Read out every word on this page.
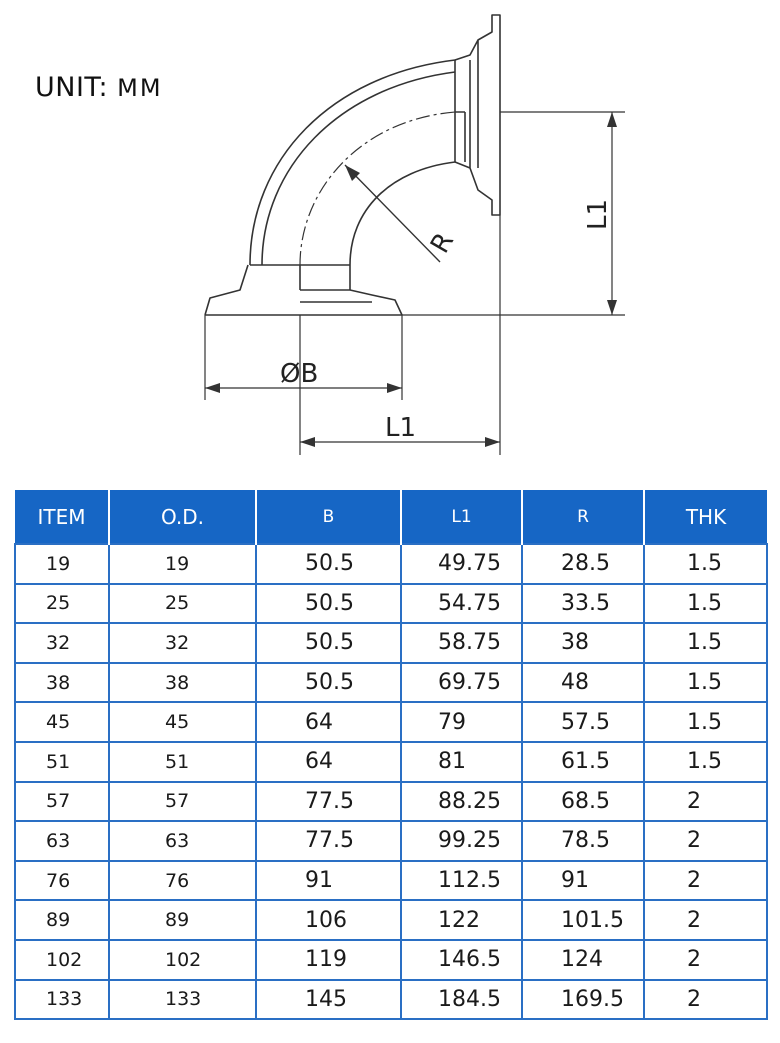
UNIT: MM
R
L1
ØB
L1
ITEM	O.D.	B	L1	R	THK
19	19	50.5	49.75	28.5	1.5
25	25	50.5	54.75	33.5	1.5
32	32	50.5	58.75	38	1.5
38	38	50.5	69.75	48	1.5
45	45	64	79	57.5	1.5
51	51	64	81	61.5	1.5
57	57	77.5	88.25	68.5	2
63	63	77.5	99.25	78.5	2
76	76	91	112.5	91	2
89	89	106	122	101.5	2
102	102	119	146.5	124	2
133	133	145	184.5	169.5	2
